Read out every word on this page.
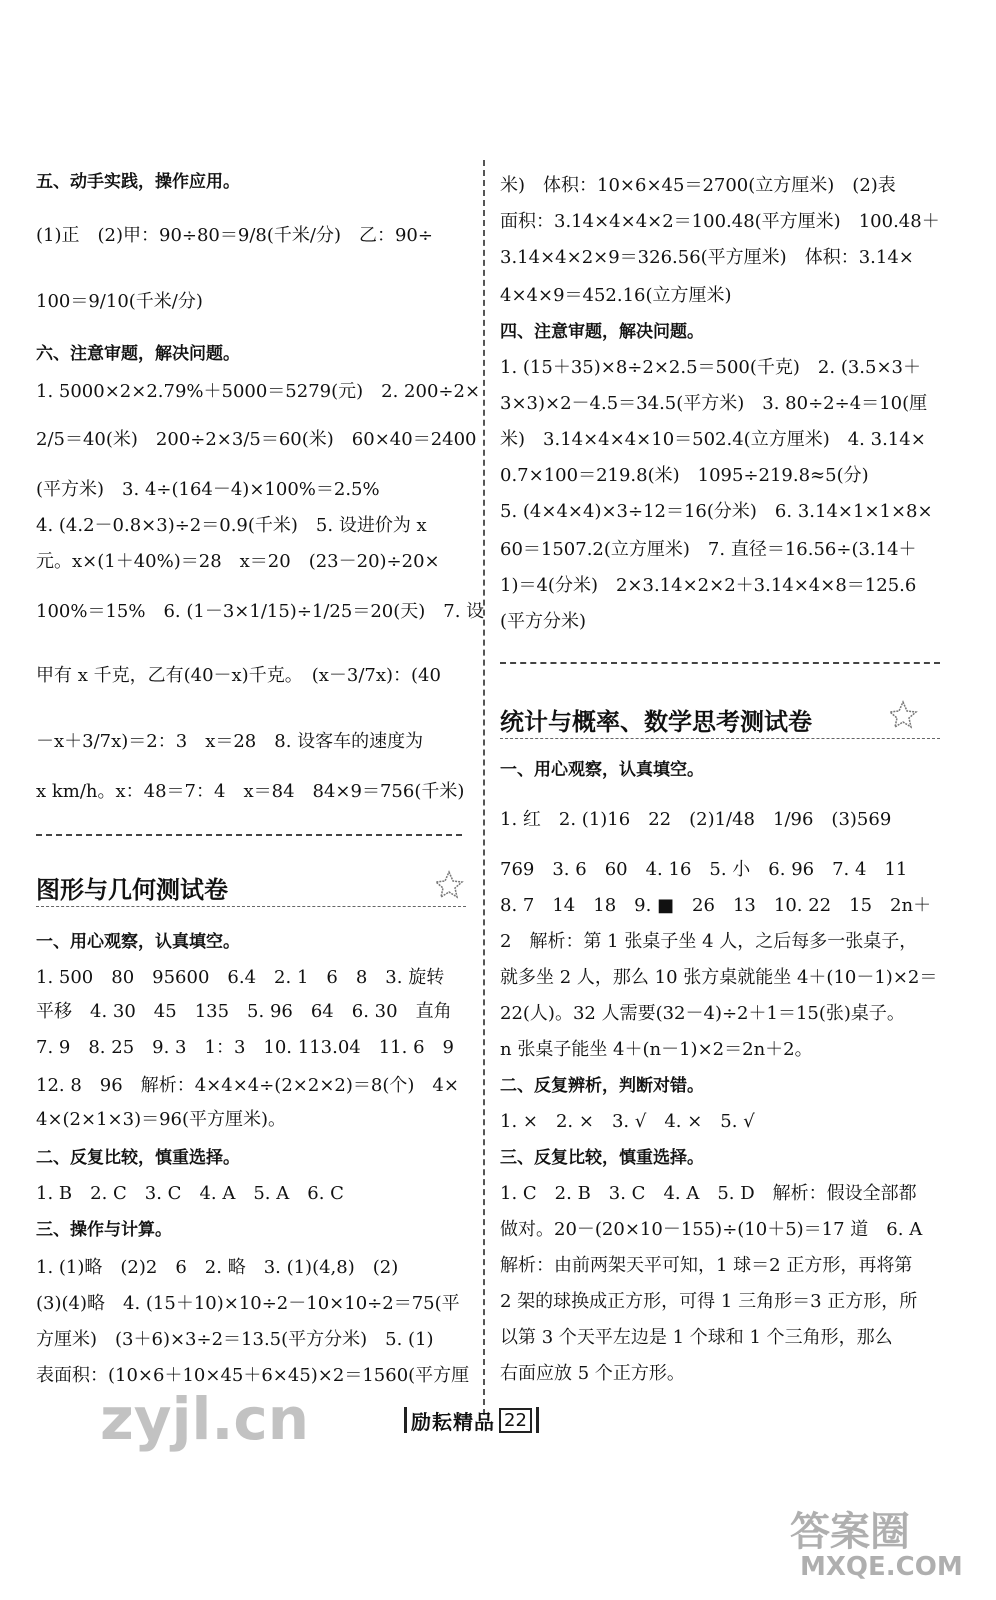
五、动手实践，操作应用。
(1)正　(2)甲：90÷80＝9/8(千米/分)　乙：90÷
100＝9/10(千米/分)
六、注意审题，解决问题。
1. 5000×2×2.79%＋5000＝5279(元)　2. 200÷2×
2/5＝40(米)　200÷2×3/5＝60(米)　60×40＝2400
(平方米)　3. 4÷(164－4)×100%＝2.5%
4. (4.2－0.8×3)÷2＝0.9(千米)　5. 设进价为 x
元。x×(1＋40%)＝28　x＝20　(23－20)÷20×
100%＝15%　6. (1－3×1/15)÷1/25＝20(天)　7. 设
甲有 x 千克，乙有(40－x)千克。　(x－3/7x)：(40
－x＋3/7x)＝2：3　x＝28　8. 设客车的速度为
x km/h。x：48＝7：4　x＝84　84×9＝756(千米)
图形与几何测试卷
一、用心观察，认真填空。
1. 500　80　95600　6.4　2. 1　6　8　3. 旋转
平移　4. 30　45　135　5. 96　64　6. 30　直角
7. 9　8. 25　9. 3　1：3　10. 113.04　11. 6　9
12. 8　96　解析：4×4×4÷(2×2×2)＝8(个)　4×
4×(2×1×3)＝96(平方厘米)。
二、反复比较，慎重选择。
1. B　2. C　3. C　4. A　5. A　6. C
三、操作与计算。
1. (1)略　(2)2　6　2. 略　3. (1)(4,8)　(2)
(3)(4)略　4. (15＋10)×10÷2－10×10÷2＝75(平
方厘米)　(3＋6)×3÷2＝13.5(平方分米)　5. (1)
表面积：(10×6＋10×45＋6×45)×2＝1560(平方厘
米)　体积：10×6×45＝2700(立方厘米)　(2)表
面积：3.14×4×4×2＝100.48(平方厘米)　100.48＋
3.14×4×2×9＝326.56(平方厘米)　体积：3.14×
4×4×9＝452.16(立方厘米)
四、注意审题，解决问题。
1. (15＋35)×8÷2×2.5＝500(千克)　2. (3.5×3＋
3×3)×2－4.5＝34.5(平方米)　3. 80÷2÷4＝10(厘
米)　3.14×4×4×10＝502.4(立方厘米)　4. 3.14×
0.7×100＝219.8(米)　1095÷219.8≈5(分)
5. (4×4×4)×3÷12＝16(分米)　6. 3.14×1×1×8×
60＝1507.2(立方厘米)　7. 直径＝16.56÷(3.14＋
1)＝4(分米)　2×3.14×2×2＋3.14×4×8＝125.6
(平方分米)
统计与概率、数学思考测试卷
一、用心观察，认真填空。
1. 红　2. (1)16　22　(2)1/48　1/96　(3)569
769　3. 6　60　4. 16　5. 小　6. 96　7. 4　11
8. 7　14　18　9. ■　26　13　10. 22　15　2n＋
2　解析：第 1 张桌子坐 4 人，之后每多一张桌子，
就多坐 2 人，那么 10 张方桌就能坐 4＋(10－1)×2＝
22(人)。32 人需要(32－4)÷2＋1＝15(张)桌子。
n 张桌子能坐 4＋(n－1)×2＝2n＋2。
二、反复辨析，判断对错。
1. ×　2. ×　3. √　4. ×　5. √
三、反复比较，慎重选择。
1. C　2. B　3. C　4. A　5. D　解析：假设全部都
做对。20－(20×10－155)÷(10＋5)＝17 道　6. A
解析：由前两架天平可知，1 球＝2 正方形，再将第
2 架的球换成正方形，可得 1 三角形＝3 正方形，所
以第 3 个天平左边是 1 个球和 1 个三角形，那么
右面应放 5 个正方形。
励耘精品 22
zyjl.cn
答案圈
MXQE.COM
